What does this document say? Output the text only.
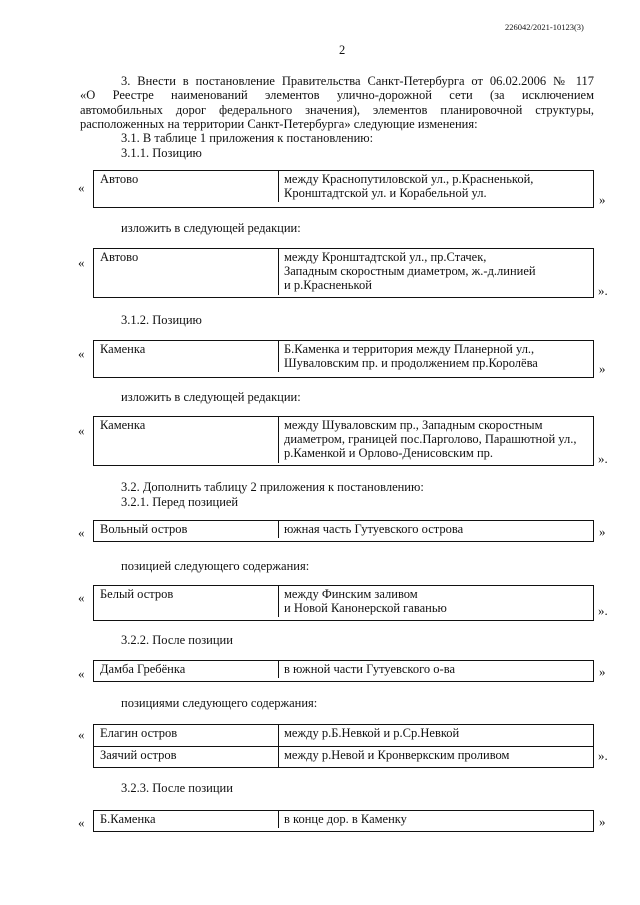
226042/2021-10123(3)
2
3. Внести в постановление Правительства Санкт-Петербурга от 06.02.2006 № 117
«О Реестре наименований элементов улично-дорожной сети (за исключением
автомобильных дорог федерального значения), элементов планировочной структуры,
расположенных на территории Санкт-Петербурга» следующие изменения:
3.1. В таблице 1 приложения к постановлению:
3.1.1. Позицию
«
Автово	между Краснопутиловской ул., р.Красненькой,
Кронштадтской ул. и Корабельной ул.	»
изложить в следующей редакции:
«	Автово	между Кронштадтской ул., пр.Стачек,
Западным скоростным диаметром, ж.-д.линией
и р.Красненькой	».
3.1.2. Позицию
«	Каменка	Б.Каменка и территория между Планерной ул.,
Шуваловским пр. и продолжением пр.Королёва	»
изложить в следующей редакции:
«	Каменка	между Шуваловским пр., Западным скоростным
диаметром, границей пос.Парголово, Парашютной ул.,
р.Каменкой и Орлово-Денисовским пр.	».
3.2. Дополнить таблицу 2 приложения к постановлению:
3.2.1. Перед позицией
«	Вольный остров	южная часть Гутуевского острова	»
позицией следующего содержания:
«	Белый остров	между Финским заливом
и Новой Канонерской гаванью	».
3.2.2. После позиции
«	Дамба Гребёнка	в южной части Гутуевского о-ва	»
позициями следующего содержания:
«	Елагин остров	между р.Б.Невкой и р.Ср.Невкой
Заячий остров	между р.Невой и Кронверкским проливом	».
3.2.3. После позиции
«	Б.Каменка	в конце дор. в Каменку	»
